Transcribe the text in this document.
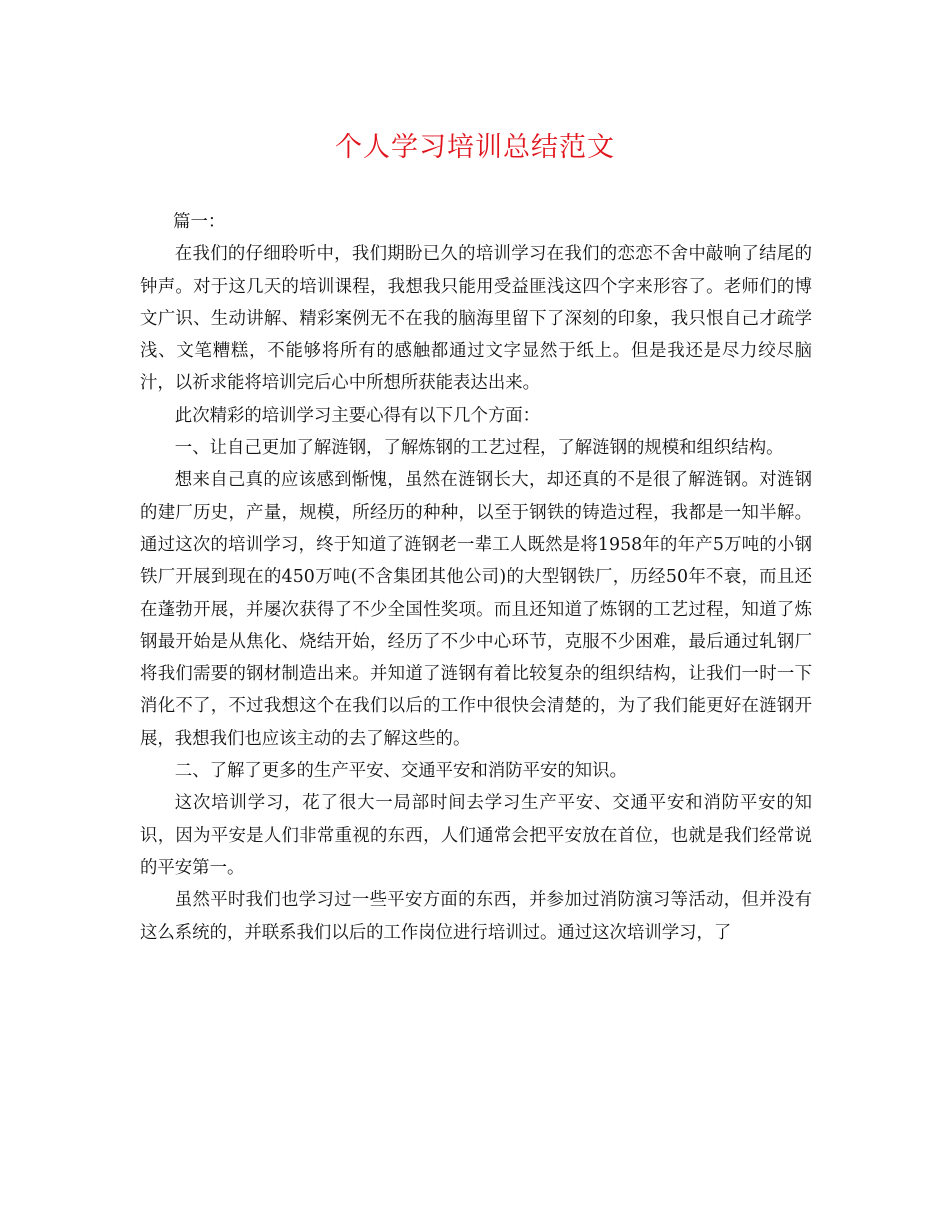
个人学习培训总结范文

篇一：

在我们的仔细聆听中，我们期盼已久的培训学习在我们的恋恋不舍中敲响了结尾的钟声。对于这几天的培训课程，我想我只能用受益匪浅这四个字来形容了。老师们的博文广识、生动讲解、精彩案例无不在我的脑海里留下了深刻的印象，我只恨自己才疏学浅、文笔糟糕，不能够将所有的感触都通过文字显然于纸上。但是我还是尽力绞尽脑汁，以祈求能将培训完后心中所想所获能表达出来。

此次精彩的培训学习主要心得有以下几个方面：

一、让自己更加了解涟钢，了解炼钢的工艺过程，了解涟钢的规模和组织结构。

想来自己真的应该感到惭愧，虽然在涟钢长大，却还真的不是很了解涟钢。对涟钢的建厂历史，产量，规模，所经历的种种，以至于钢铁的铸造过程，我都是一知半解。通过这次的培训学习，终于知道了涟钢老一辈工人既然是将1958年的年产5万吨的小钢铁厂开展到现在的450万吨(不含集团其他公司)的大型钢铁厂，历经50年不衰，而且还在蓬勃开展，并屡次获得了不少全国性奖项。而且还知道了炼钢的工艺过程，知道了炼钢最开始是从焦化、烧结开始，经历了不少中心环节，克服不少困难，最后通过轧钢厂将我们需要的钢材制造出来。并知道了涟钢有着比较复杂的组织结构，让我们一时一下消化不了，不过我想这个在我们以后的工作中很快会清楚的，为了我们能更好在涟钢开展，我想我们也应该主动的去了解这些的。

二、了解了更多的生产平安、交通平安和消防平安的知识。

这次培训学习，花了很大一局部时间去学习生产平安、交通平安和消防平安的知识，因为平安是人们非常重视的东西，人们通常会把平安放在首位，也就是我们经常说的平安第一。

虽然平时我们也学习过一些平安方面的东西，并参加过消防演习等活动，但并没有这么系统的，并联系我们以后的工作岗位进行培训过。通过这次培训学习，了
